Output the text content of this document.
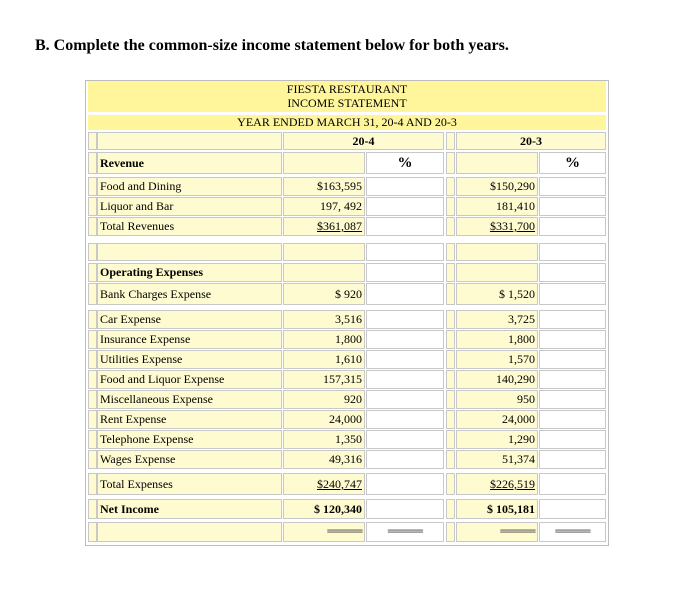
B. Complete the common-size income statement below for both years.
FIESTA RESTAURANT
INCOME STATEMENT
YEAR ENDED MARCH 31, 20-4 AND 20-3
20-4	20-3
Revenue	%	%
Food and Dining	$163,595	$150,290
Liquor and Bar	197, 492	181,410
Total Revenues	$361,087	$331,700
Operating Expenses
Bank Charges Expense	$ 920	$ 1,520
Car Expense	3,516	3,725
Insurance Expense	1,800	1,800
Utilities Expense	1,610	1,570
Food and Liquor Expense	157,315	140,290
Miscellaneous Expense	920	950
Rent Expense	24,000	24,000
Telephone Expense	1,350	1,290
Wages Expense	49,316	51,374
Total Expenses	$240,747	$226,519
Net Income	$ 120,340	$ 105,181
=======	=======	=======	=======
